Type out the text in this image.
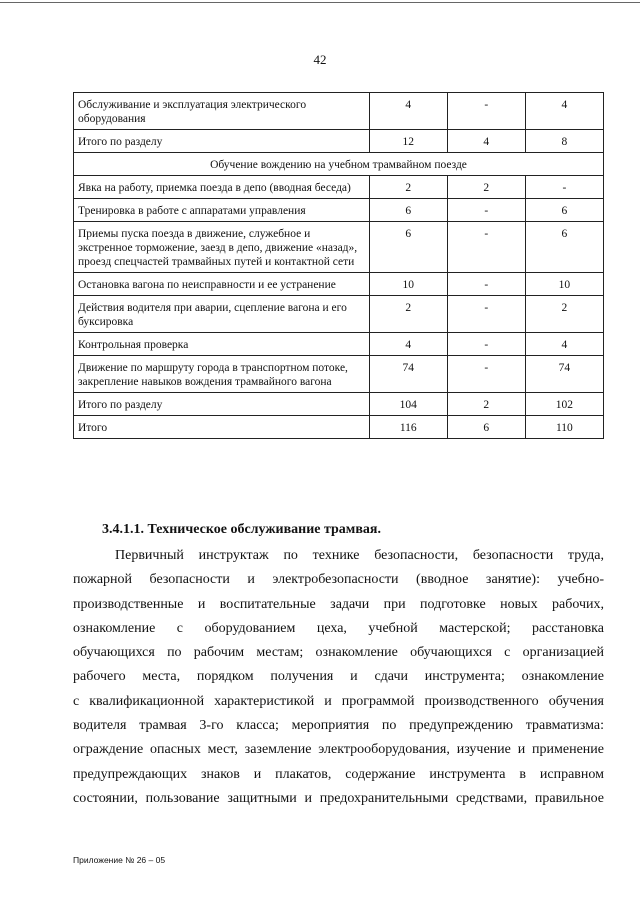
42
Обслуживание и эксплуатация электрического оборудования	4	-	4
Итого по разделу	12	4	8
Обучение вождению на учебном трамвайном поезде			
Явка на работу, приемка поезда в депо (вводная беседа)	2	2	-
Тренировка в работе с аппаратами управления	6	-	6
Приемы пуска поезда в движение, служебное и экстренное торможение, заезд в депо, движение «назад», проезд спецчастей трамвайных путей и контактной сети	6	-	6
Остановка вагона по неисправности и ее устранение	10	-	10
Действия водителя при аварии, сцепление вагона и его буксировка	2	-	2
Контрольная проверка	4	-	4
Движение по маршруту города в транспортном потоке, закрепление навыков вождения трамвайного вагона	74	-	74
Итого по разделу	104	2	102
Итого	116	6	110
3.4.1.1. Техническое обслуживание трамвая.
Первичный инструктаж по технике безопасности, безопасности труда,
пожарной безопасности и электробезопасности (вводное занятие): учебно-
производственные и воспитательные задачи при подготовке новых рабочих,
ознакомление с оборудованием цеха, учебной мастерской; расстановка
обучающихся по рабочим местам; ознакомление обучающихся с организацией
рабочего места, порядком получения и сдачи инструмента; ознакомление
с квалификационной характеристикой и программой производственного обучения
водителя трамвая 3-го класса; мероприятия по предупреждению травматизма:
ограждение опасных мест, заземление электрооборудования, изучение и применение
предупреждающих знаков и плакатов, содержание инструмента в исправном
состоянии, пользование защитными и предохранительными средствами, правильное
Приложение № 26 – 05
